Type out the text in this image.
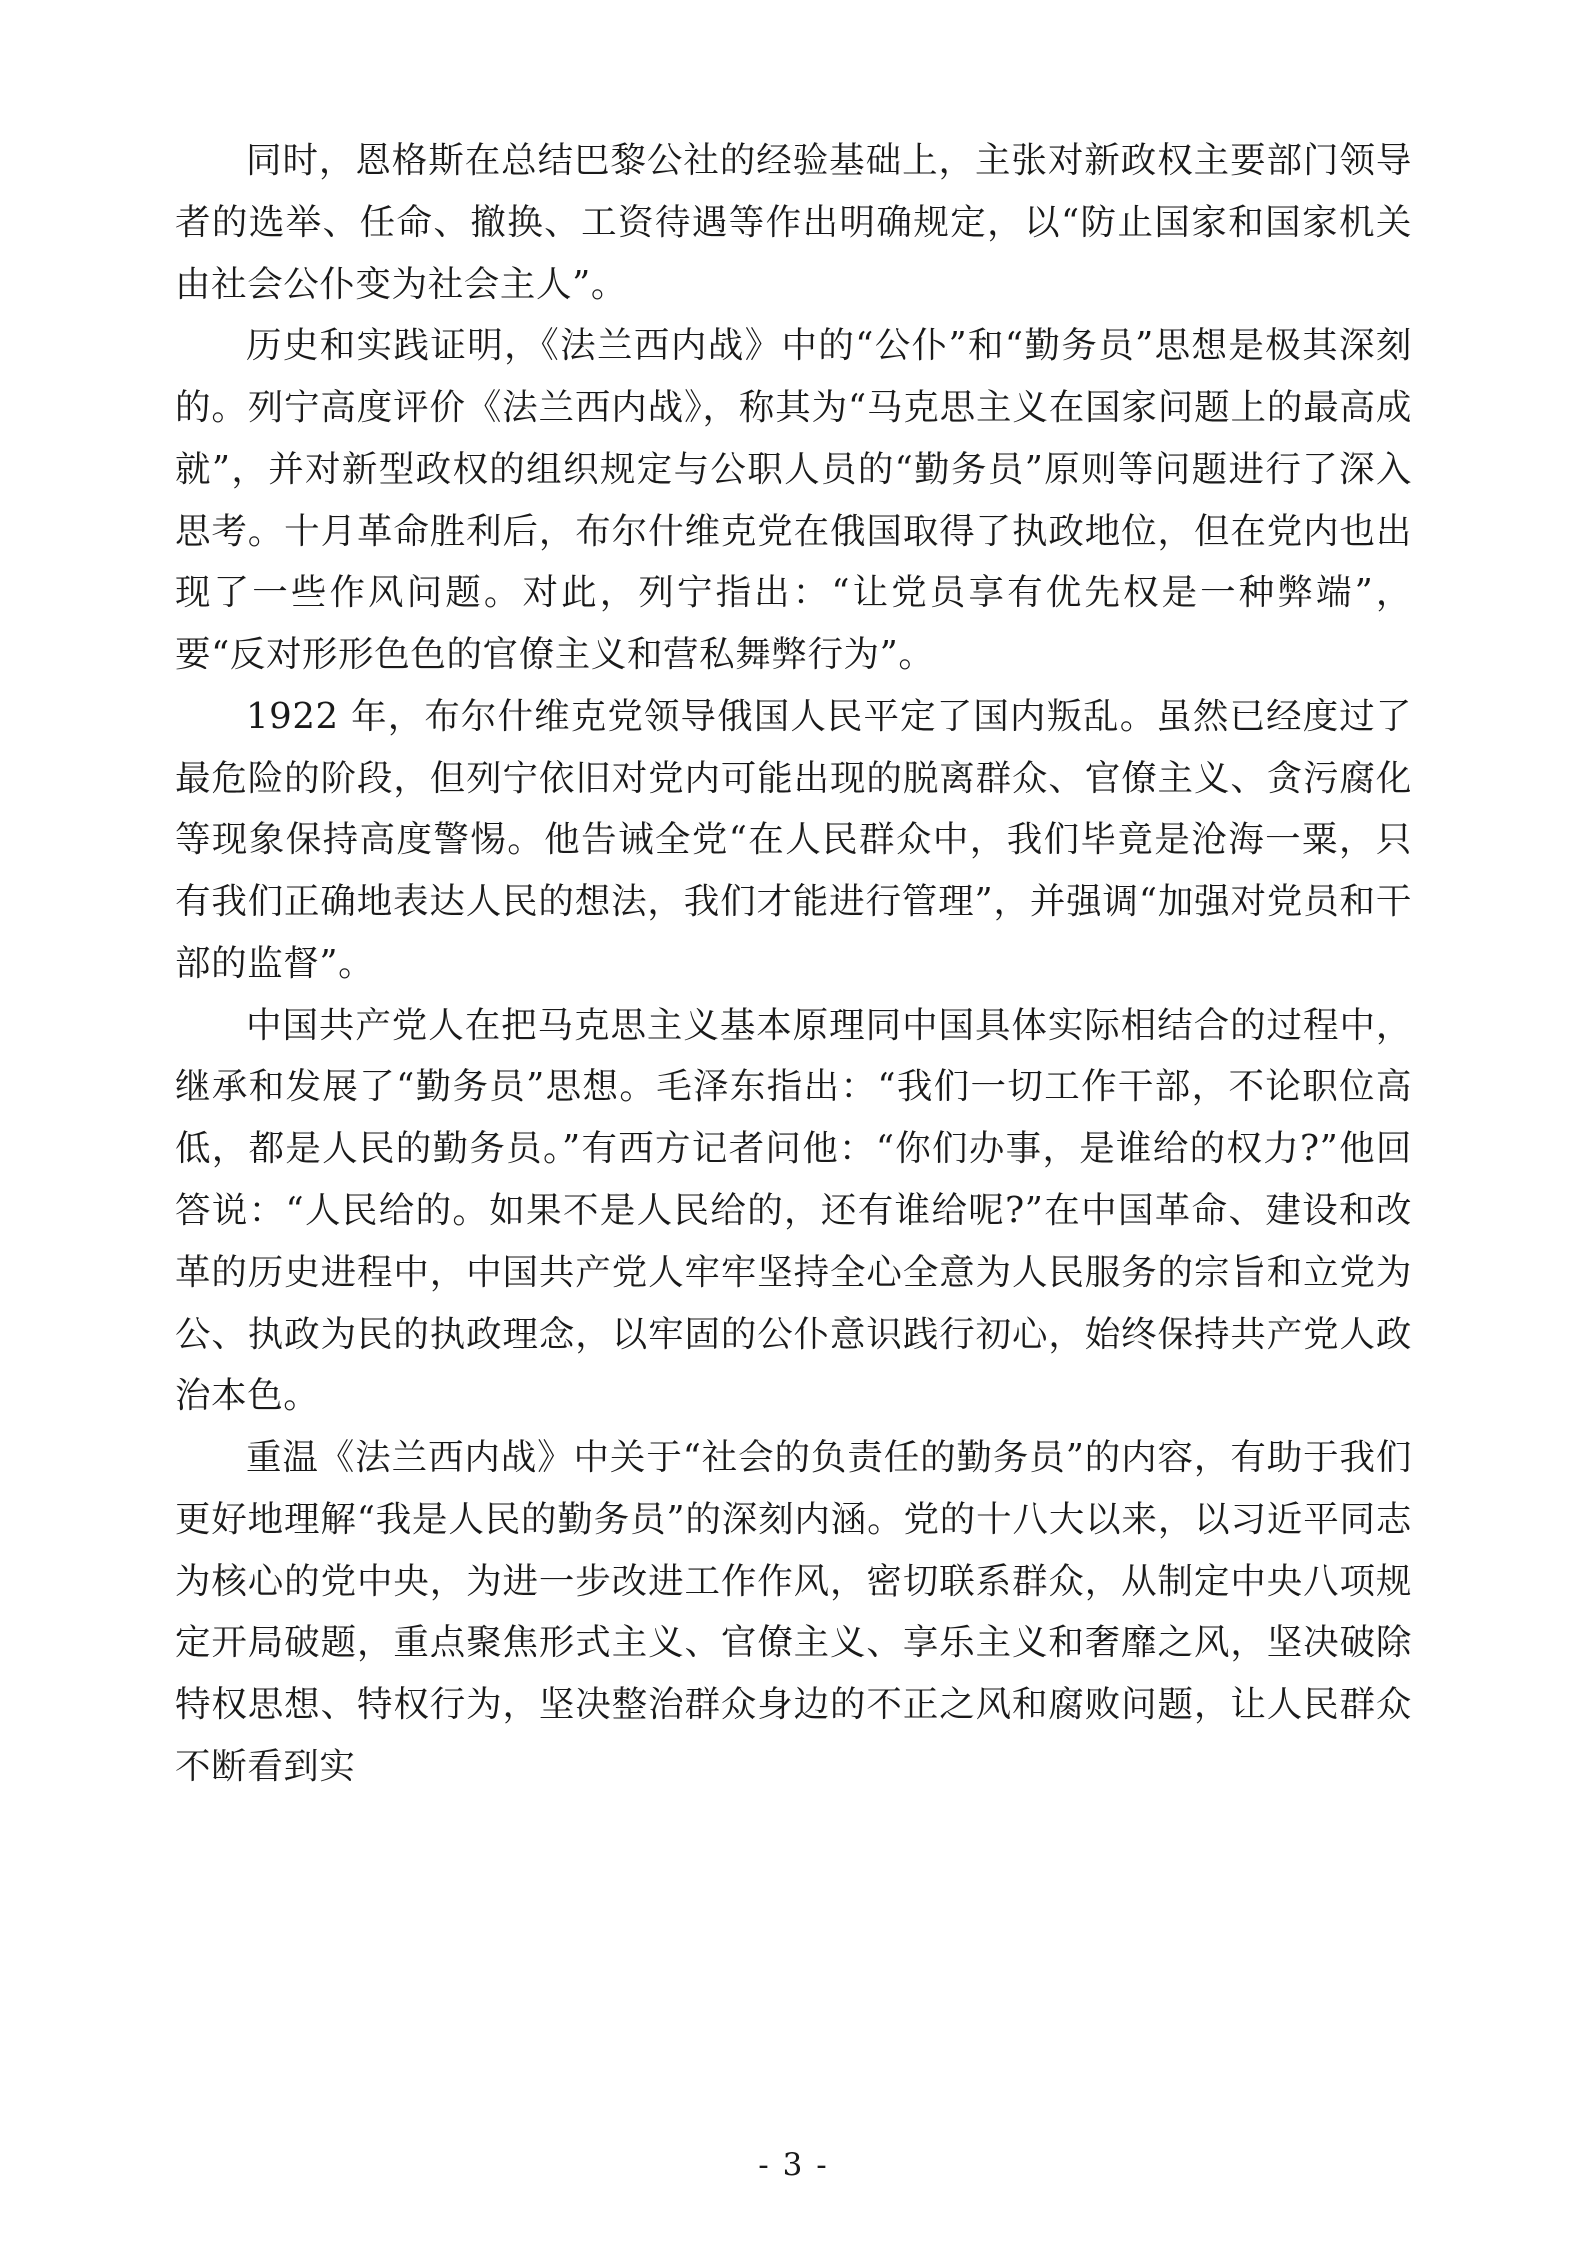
同时，恩格斯在总结巴黎公社的经验基础上，主张对新政权主要部门领导者的选举、任命、撤换、工资待遇等作出明确规定，以“防止国家和国家机关由社会公仆变为社会主人”。

历史和实践证明，《法兰西内战》中的“公仆”和“勤务员”思想是极其深刻的。列宁高度评价《法兰西内战》，称其为“马克思主义在国家问题上的最高成就”，并对新型政权的组织规定与公职人员的“勤务员”原则等问题进行了深入思考。十月革命胜利后，布尔什维克党在俄国取得了执政地位，但在党内也出现了一些作风问题。对此，列宁指出：“让党员享有优先权是一种弊端”，要“反对形形色色的官僚主义和营私舞弊行为”。

1922 年，布尔什维克党领导俄国人民平定了国内叛乱。虽然已经度过了最危险的阶段，但列宁依旧对党内可能出现的脱离群众、官僚主义、贪污腐化等现象保持高度警惕。他告诫全党“在人民群众中，我们毕竟是沧海一粟，只有我们正确地表达人民的想法，我们才能进行管理”，并强调“加强对党员和干部的监督”。

中国共产党人在把马克思主义基本原理同中国具体实际相结合的过程中，继承和发展了“勤务员”思想。毛泽东指出：“我们一切工作干部，不论职位高低，都是人民的勤务员。”有西方记者问他：“你们办事，是谁给的权力?”他回答说：“人民给的。如果不是人民给的，还有谁给呢?”在中国革命、建设和改革的历史进程中，中国共产党人牢牢坚持全心全意为人民服务的宗旨和立党为公、执政为民的执政理念，以牢固的公仆意识践行初心，始终保持共产党人政治本色。

重温《法兰西内战》中关于“社会的负责任的勤务员”的内容，有助于我们更好地理解“我是人民的勤务员”的深刻内涵。党的十八大以来，以习近平同志为核心的党中央，为进一步改进工作作风，密切联系群众，从制定中央八项规定开局破题，重点聚焦形式主义、官僚主义、享乐主义和奢靡之风，坚决破除特权思想、特权行为，坚决整治群众身边的不正之风和腐败问题，让人民群众不断看到实

- 3 -
